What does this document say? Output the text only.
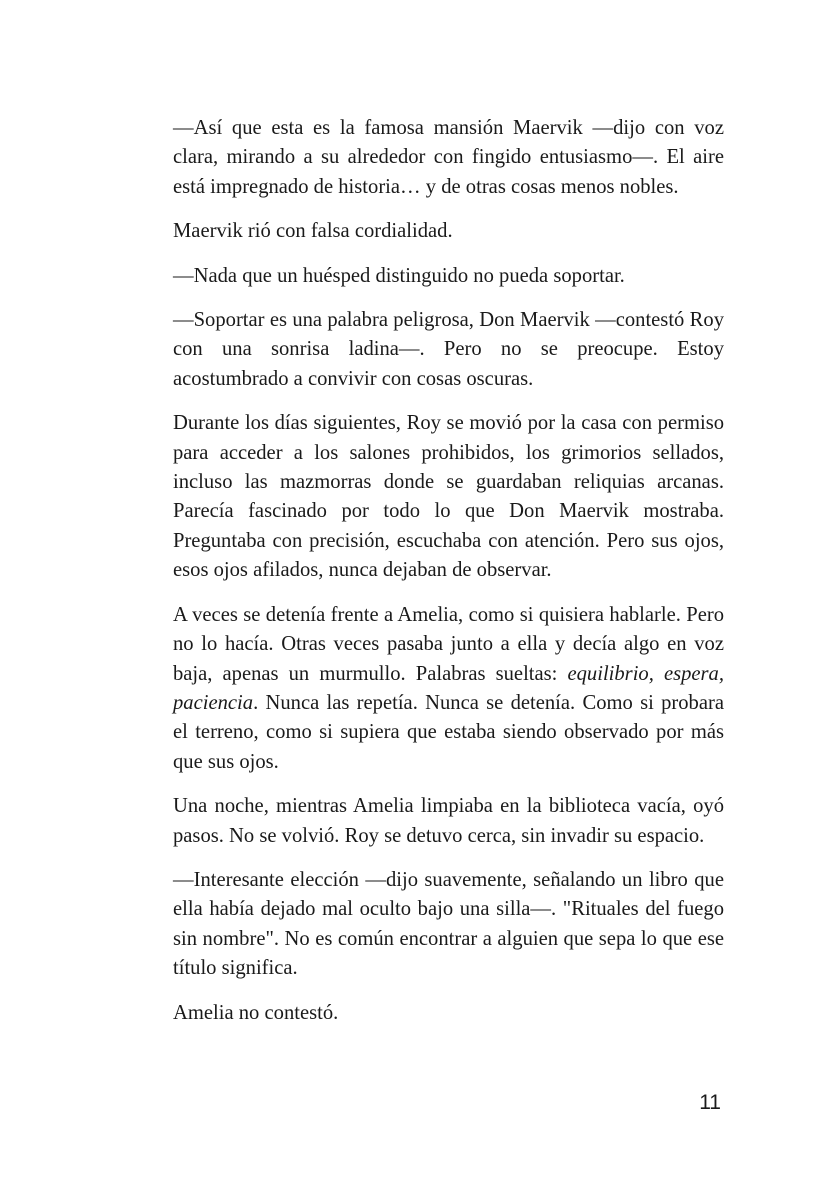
—Así que esta es la famosa mansión Maervik —dijo con voz clara, mirando a su alrededor con fingido entusiasmo—. El aire está impregnado de historia… y de otras cosas menos nobles.

Maervik rió con falsa cordialidad.

—Nada que un huésped distinguido no pueda soportar.

—Soportar es una palabra peligrosa, Don Maervik —contestó Roy con una sonrisa ladina—. Pero no se preocupe. Estoy acostumbrado a convivir con cosas oscuras.

Durante los días siguientes, Roy se movió por la casa con permiso para acceder a los salones prohibidos, los grimorios sellados, incluso las mazmorras donde se guardaban reliquias arcanas. Parecía fascinado por todo lo que Don Maervik mostraba. Preguntaba con precisión, escuchaba con atención. Pero sus ojos, esos ojos afilados, nunca dejaban de observar.

A veces se detenía frente a Amelia, como si quisiera hablarle. Pero no lo hacía. Otras veces pasaba junto a ella y decía algo en voz baja, apenas un murmullo. Palabras sueltas: equilibrio, espera, paciencia. Nunca las repetía. Nunca se detenía. Como si probara el terreno, como si supiera que estaba siendo observado por más que sus ojos.

Una noche, mientras Amelia limpiaba en la biblioteca vacía, oyó pasos. No se volvió. Roy se detuvo cerca, sin invadir su espacio.

—Interesante elección —dijo suavemente, señalando un libro que ella había dejado mal oculto bajo una silla—. "Rituales del fuego sin nombre". No es común encontrar a alguien que sepa lo que ese título significa.

Amelia no contestó.

11
